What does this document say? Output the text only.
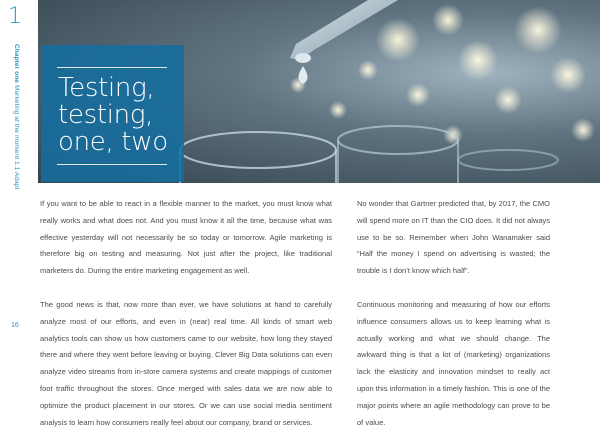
1
Chapter one Marketing at the moment 1.1 Adapt
16
Testing,
testing,
one, two

If you want to be able to react in a flexible manner to the market, you must know what really works and what does not. And you must know it all the time, because what was effective yesterday will not necessarily be so today or tomorrow. Agile marketing is therefore big on testing and measuring. Not just after the project, like traditional marketers do. During the entire marketing engagement as well.

The good news is that, now more than ever, we have solutions at hand to carefully analyze most of our efforts, and even in (near) real time. All kinds of smart web analytics tools can show us how customers came to our website, how long they stayed there and where they went before leaving or buying. Clever Big Data solutions can even analyze video streams from in-store camera systems and create mappings of customer foot traffic throughout the stores. Once merged with sales data we are now able to optimize the product placement in our stores. Or we can use social media sentiment analysis to learn how consumers really feel about our company, brand or services.

No wonder that Gartner predicted that, by 2017, the CMO will spend more on IT than the CIO does. It did not always use to be so. Remember when John Wanamaker said “Half the money I spend on advertising is wasted; the trouble is I don’t know which half”.

Continuous monitoring and measuring of how our efforts influence consumers allows us to keep learning what is actually working and what we should change. The awkward thing is that a lot of (marketing) organizations lack the elasticity and innovation mindset to really act upon this information in a timely fashion. This is one of the major points where an agile methodology can prove to be of value.
